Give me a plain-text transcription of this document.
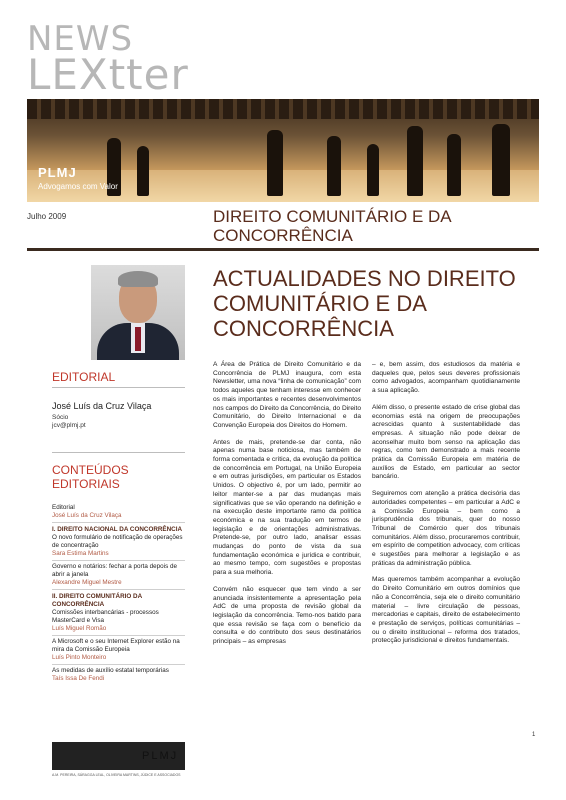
NEWS
LEXtter
PLMJ
Advogamos com Valor
Julho 2009	DIREITO COMUNITÁRIO E DA CONCORRÊNCIA
ACTUALIDADES NO DIREITO COMUNITÁRIO E DA CONCORRÊNCIA
EDITORIAL
José Luís da Cruz Vilaça
Sócio
jcv@plmj.pt
CONTEÚDOS EDITORIAIS
Editorial
José Luís da Cruz Vilaça
I. DIREITO NACIONAL DA CONCORRÊNCIA
O novo formulário de notificação de operações de concentração
Sara Estima Martins
Governo e notários: fechar a porta depois de abrir a janela
Alexandre Miguel Mestre
II. DIREITO COMUNITÁRIO DA CONCORRÊNCIA
Comissões interbancárias - processos MasterCard e Visa
Luís Miguel Romão
A Microsoft e o seu Internet Explorer estão na mira da Comissão Europeia
Luís Pinto Monteiro
As medidas de auxílio estatal temporárias
Taís Issa De Fendi

A Área de Prática de Direito Comunitário e da Concorrência de PLMJ inaugura, com esta Newsletter, uma nova “linha de comunicação” com todos aqueles que tenham interesse em conhecer os mais importantes e recentes desenvolvimentos nos campos do Direito da Concorrência, do Direito Comunitário, do Direito Internacional e da Convenção Europeia dos Direitos do Homem.

Antes de mais, pretende-se dar conta, não apenas numa base noticiosa, mas também de forma comentada e crítica, da evolução da política de concorrência em Portugal, na União Europeia e em outras jurisdições, em particular os Estados Unidos. O objectivo é, por um lado, permitir ao leitor manter-se a par das mudanças mais significativas que se vão operando na definição e na execução deste importante ramo da política económica e na sua tradução em termos de legislação e de orientações administrativas. Pretende-se, por outro lado, analisar essas mudanças do ponto de vista da sua fundamentação económica e jurídica e contribuir, ao mesmo tempo, com sugestões e propostas para a sua melhoria.

Convém não esquecer que tem vindo a ser anunciada insistentemente a apresentação pela AdC de uma proposta de revisão global da legislação da concorrência. Temo-nos batido para que essa revisão se faça com o benefício da consulta e do contributo dos seus destinatários principais – as empresas

– e, bem assim, dos estudiosos da matéria e daqueles que, pelos seus deveres profissionais como advogados, acompanham quotidianamente a sua aplicação.

Além disso, o presente estado de crise global das economias está na origem de preocupações acrescidas quanto à sustentabilidade das empresas. A situação não pode deixar de aconselhar muito bom senso na aplicação das regras, como tem demonstrado a mais recente prática da Comissão Europeia em matéria de auxílios de Estado, em particular ao sector bancário.

Seguiremos com atenção a prática decisória das autoridades competentes – em particular a AdC e a Comissão Europeia – bem como a jurisprudência dos tribunais, quer do nosso Tribunal de Comércio quer dos tribunais comunitários. Além disso, procuraremos contribuir, em espírito de competition advocacy, com críticas e sugestões para melhorar a legislação e as práticas da administração pública.

Mas queremos também acompanhar a evolução do Direito Comunitário em outros domínios que não a Concorrência, seja ele o direito comunitário material – livre circulação de pessoas, mercadorias e capitais, direito de estabelecimento e prestação de serviços, políticas comunitárias – ou o direito institucional – reforma dos tratados, protecção jurisdicional e direitos fundamentais.

PLMJ
A.M. PEREIRA, SÁRAGGA LEAL, OLIVEIRA MARTINS, JÚDICE E ASSOCIADOS
1
